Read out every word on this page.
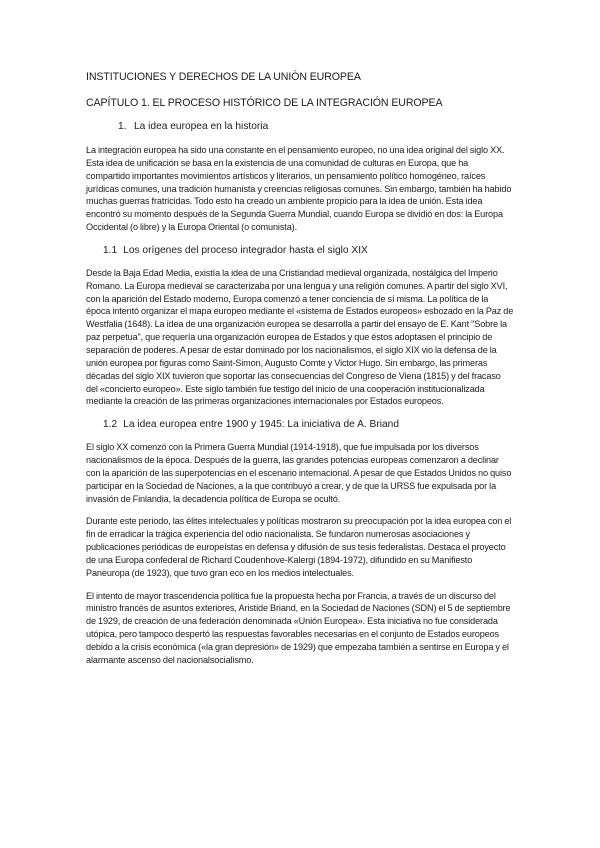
INSTITUCIONES Y DERECHOS DE LA UNIÓN EUROPEA
CAPÍTULO 1. EL PROCESO HISTÓRICO DE LA INTEGRACIÓN EUROPEA
1. La idea europea en la historia

La integración europea ha sido una constante en el pensamiento europeo, no una idea original del siglo XX. Esta idea de unificación se basa en la existencia de una comunidad de culturas en Europa, que ha compartido importantes movimientos artísticos y literarios, un pensamiento político homogéneo, raíces jurídicas comunes, una tradición humanista y creencias religiosas comunes. Sin embargo, también ha habido muchas guerras fratricidas. Todo esto ha creado un ambiente propicio para la idea de unión. Esta idea encontró su momento después de la Segunda Guerra Mundial, cuando Europa se dividió en dos: la Europa Occidental (o libre) y la Europa Oriental (o comunista).

1.1 Los orígenes del proceso integrador hasta el siglo XIX

Desde la Baja Edad Media, existía la idea de una Cristiandad medieval organizada, nostálgica del Imperio Romano. La Europa medieval se caracterizaba por una lengua y una religión comunes. A partir del siglo XVI, con la aparición del Estado moderno, Europa comenzó a tener conciencia de sí misma. La política de la época intentó organizar el mapa europeo mediante el «sistema de Estados europeos» esbozado en la Paz de Westfalia (1648). La idea de una organización europea se desarrolla a partir del ensayo de E. Kant "Sobre la paz perpetua", que requería una organización europea de Estados y que éstos adoptasen el principio de separación de poderes. A pesar de estar dominado por los nacionalismos, el siglo XIX vio la defensa de la unión europea por figuras como Saint-Simon, Augusto Comte y Victor Hugo. Sin embargo, las primeras décadas del siglo XIX tuvieron que soportar las consecuencias del Congreso de Viena (1815) y del fracaso del «concierto europeo». Este siglo también fue testigo del inicio de una cooperación institucionalizada mediante la creación de las primeras organizaciones internacionales por Estados europeos.

1.2 La idea europea entre 1900 y 1945: La iniciativa de A. Briand

El siglo XX comenzó con la Primera Guerra Mundial (1914-1918), que fue impulsada por los diversos nacionalismos de la época. Después de la guerra, las grandes potencias europeas comenzaron a declinar con la aparición de las superpotencias en el escenario internacional. A pesar de que Estados Unidos no quiso participar en la Sociedad de Naciones, a la que contribuyó a crear, y de que la URSS fue expulsada por la invasión de Finlandia, la decadencia política de Europa se ocultó.

Durante este periodo, las élites intelectuales y políticas mostraron su preocupación por la idea europea con el fin de erradicar la trágica experiencia del odio nacionalista. Se fundaron numerosas asociaciones y publicaciones periódicas de europeístas en defensa y difusión de sus tesis federalistas. Destaca el proyecto de una Europa confederal de Richard Coudenhove-Kalergi (1894-1972), difundido en su Manifiesto Paneuropa (de 1923), que tuvo gran eco en los medios intelectuales.

El intento de mayor trascendencia política fue la propuesta hecha por Francia, a través de un discurso del ministro francés de asuntos exteriores, Aristide Briand, en la Sociedad de Naciones (SDN) el 5 de septiembre de 1929, de creación de una federación denominada «Unión Europea». Esta iniciativa no fue considerada utópica, pero tampoco despertó las respuestas favorables necesarias en el conjunto de Estados europeos debido a la crisis económica («la gran depresión» de 1929) que empezaba también a sentirse en Europa y el alarmante ascenso del nacionalsocialismo.
